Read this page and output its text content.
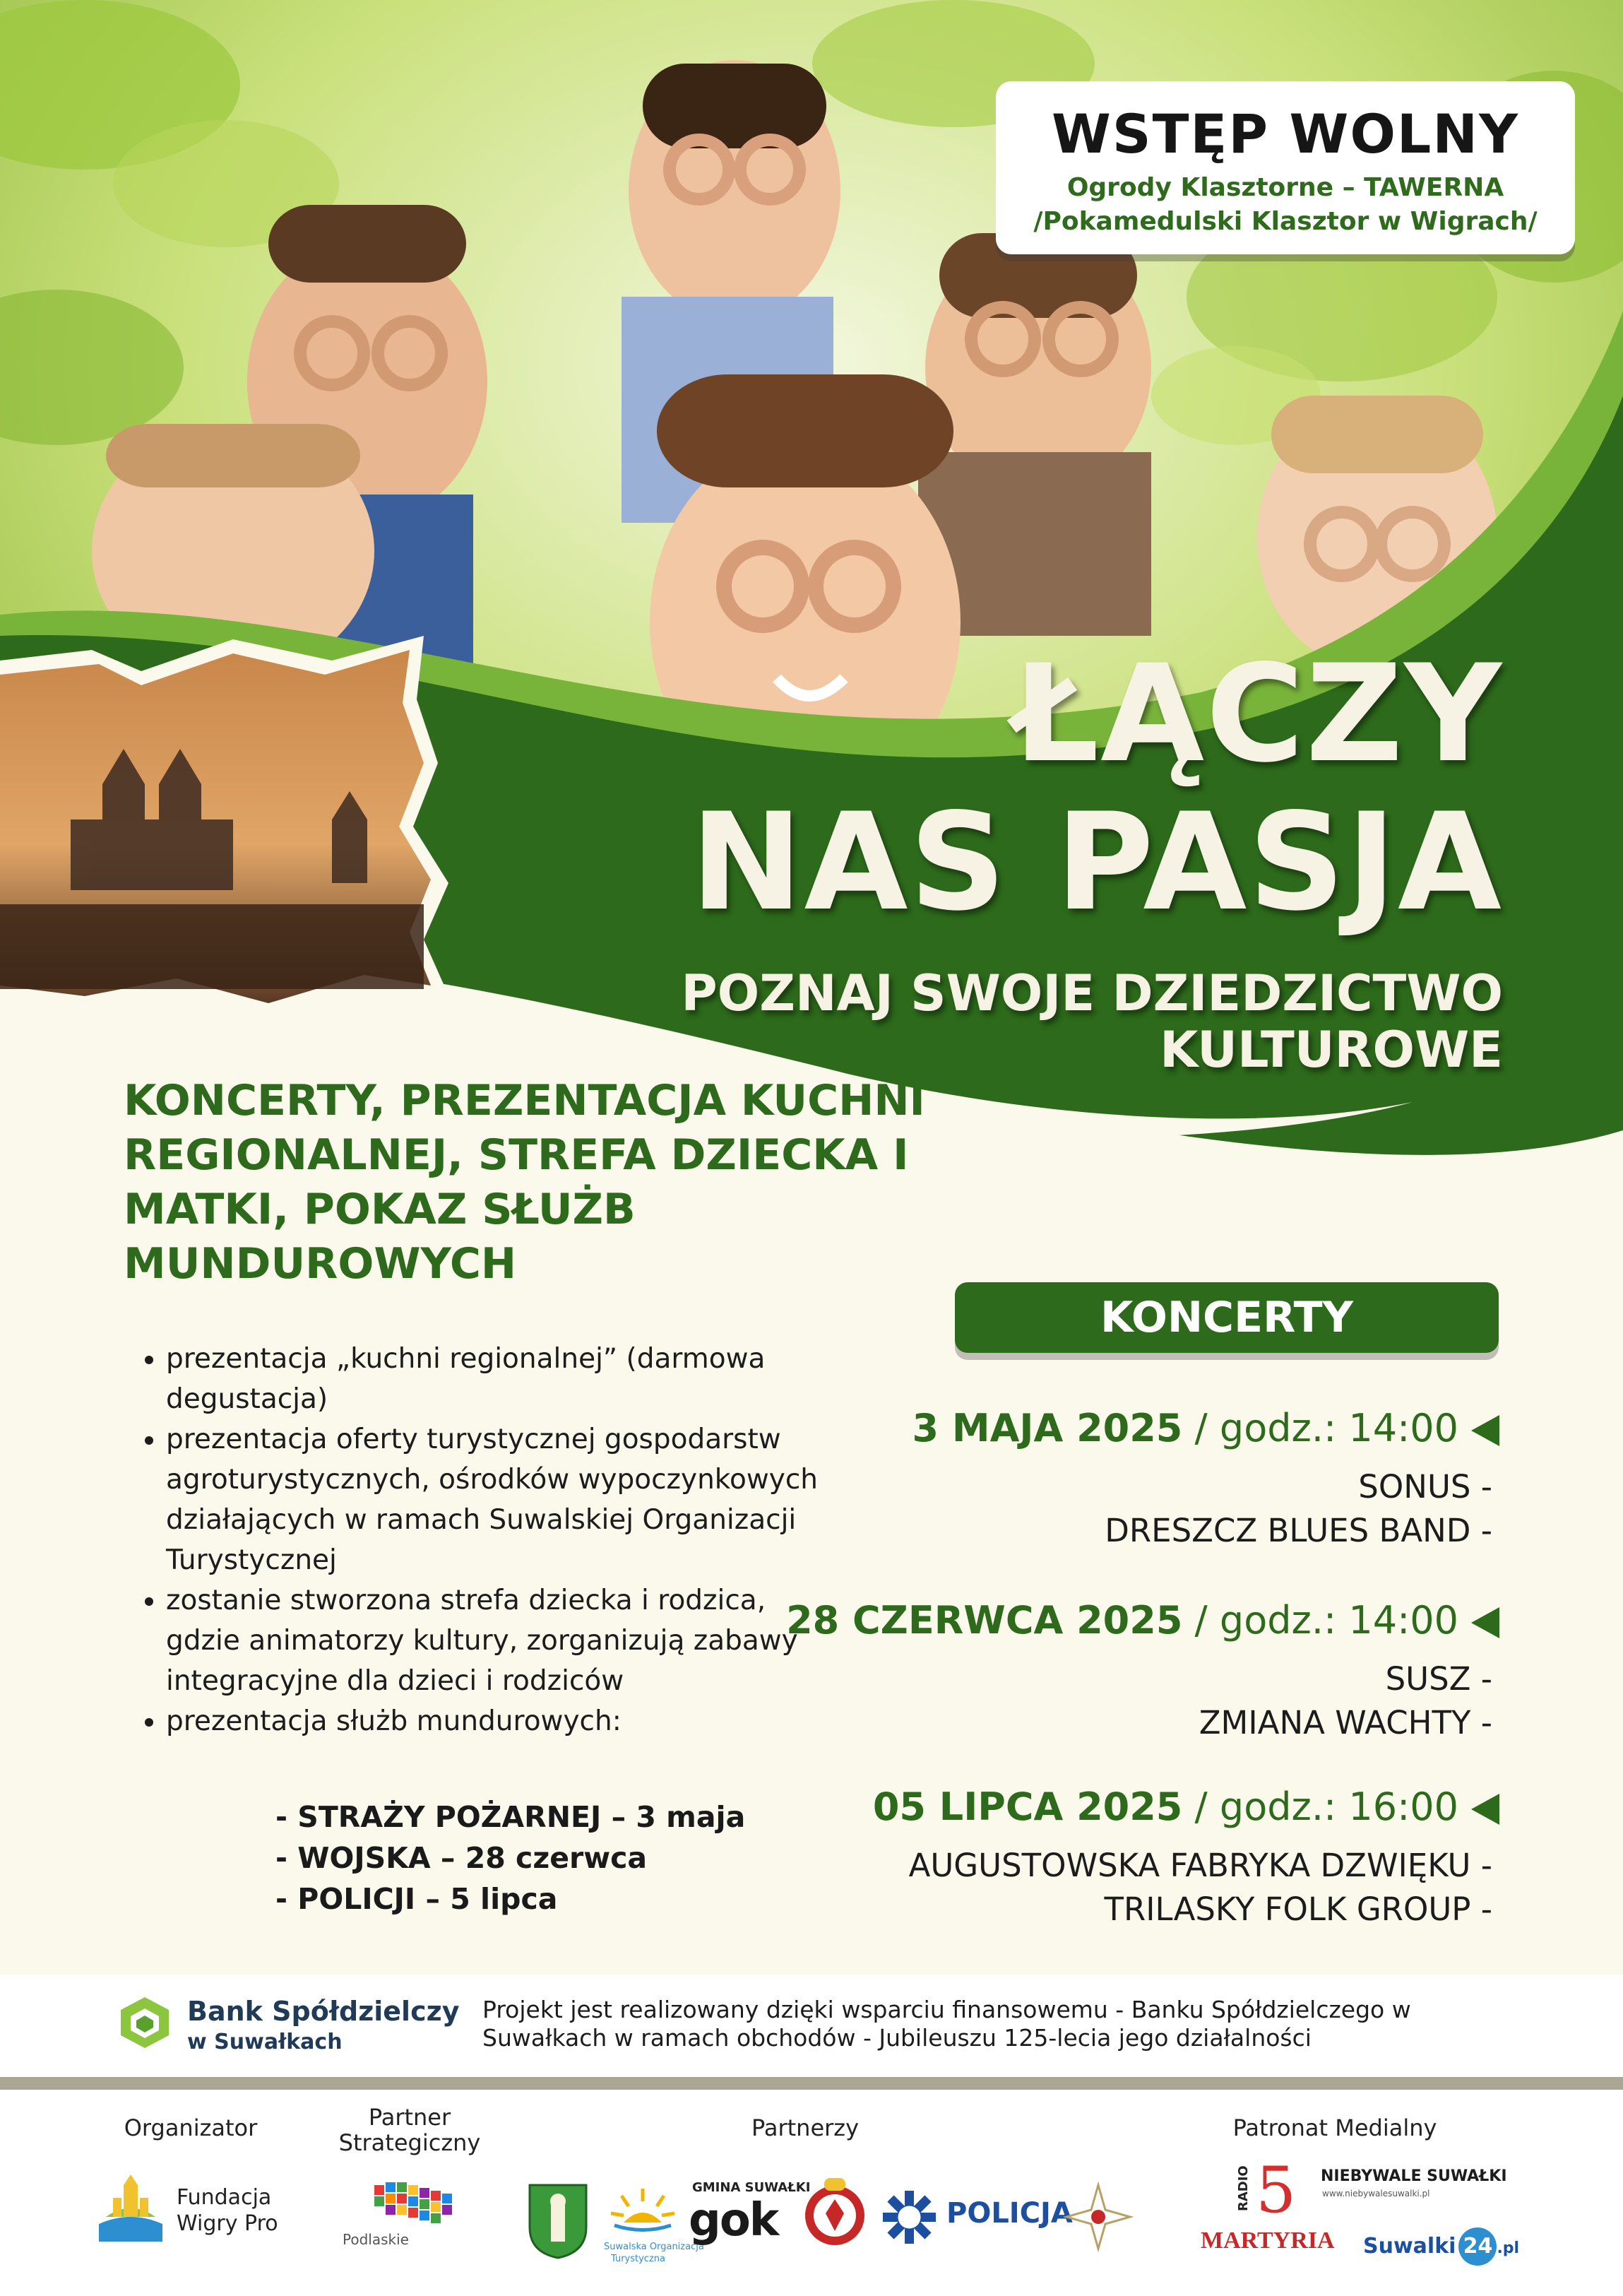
WSTĘP WOLNY
Ogrody Klasztorne – TAWERNA
/Pokamedulski Klasztor w Wigrach/
ŁĄCZY
NAS PASJA
POZNAJ SWOJE DZIEDZICTWO
KULTUROWE
KONCERTY, PREZENTACJA KUCHNI REGIONALNEJ, STREFA DZIECKA I MATKI, POKAZ SŁUŻB MUNDUROWYCH
• prezentacja „kuchni regionalnej” (darmowa degustacja)
• prezentacja oferty turystycznej gospodarstw agroturystycznych, ośrodków wypoczynkowych działających w ramach Suwalskiej Organizacji Turystycznej
• zostanie stworzona strefa dziecka i rodzica, gdzie animatorzy kultury, zorganizują zabawy integracyjne dla dzieci i rodziców
• prezentacja służb mundurowych:
- STRAŻY POŻARNEJ – 3 maja
- WOJSKA – 28 czerwca
- POLICJI – 5 lipca
KONCERTY
3 MAJA 2025 / godz.: 14:00
SONUS -
DRESZCZ BLUES BAND -
28 CZERWCA 2025 / godz.: 14:00
SUSZ -
ZMIANA WACHTY -
05 LIPCA 2025 / godz.: 16:00
AUGUSTOWSKA FABRYKA DZWIĘKU -
TRILASKY FOLK GROUP -
Bank Spółdzielczy
w Suwałkach
Projekt jest realizowany dzięki wsparciu finansowemu - Banku Spółdzielczego w
Suwałkach w ramach obchodów - Jubileuszu 125-lecia jego działalności
Organizator
Fundacja
Wigry Pro
Partner
Strategiczny
Podlaskie
Partnerzy
Suwalska Organizacja
Turystyczna
GMINA SUWAŁKI
gok	POLICJA
Patronat Medialny
RADIO 5 NIEBYWALE SUWAŁKI
www.niebywalesuwalki.pl
MARTYRIA Suwalki 24 .pl
